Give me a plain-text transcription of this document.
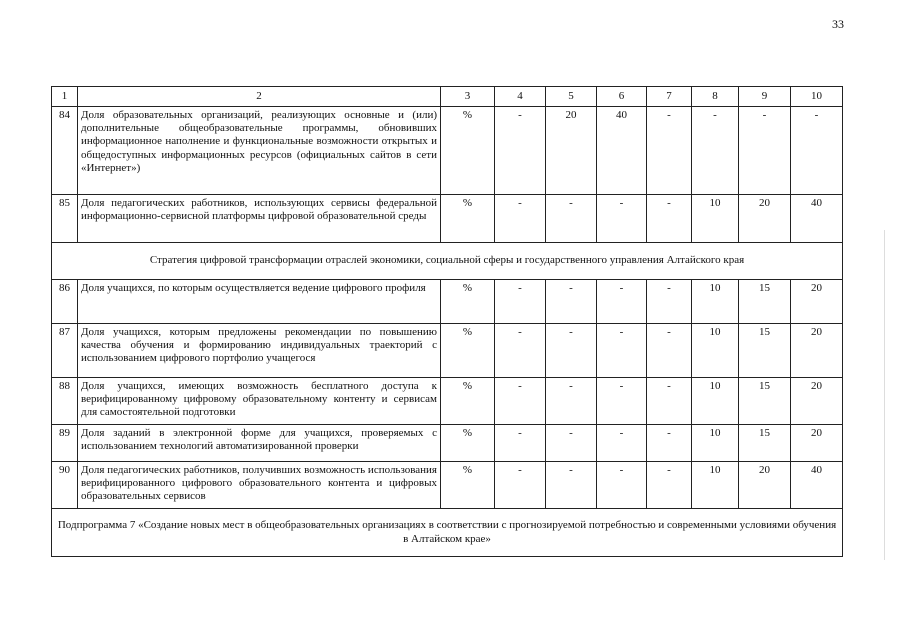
33
1	2	3	4	5	6	7	8	9	10
84	Доля образовательных организаций, реализующих основные и (или) дополнительные общеобразовательные программы, обновивших информационное наполнение и функциональные возможности открытых и общедоступных информационных ресурсов (официальных сайтов в сети «Интернет»)	%	-	20	40	-	-	-	-
85	Доля педагогических работников, использующих сервисы федеральной информационно-сервисной платформы цифровой образовательной среды	%	-	-	-	-	10	20	40
Стратегия цифровой трансформации отраслей экономики, социальной сферы и государственного управления Алтайского края									
86	Доля учащихся, по которым осуществляется ведение цифрового профиля	%	-	-	-	-	10	15	20
87	Доля учащихся, которым предложены рекомендации по повышению качества обучения и формированию индивидуальных траекторий с использованием цифрового портфолио учащегося	%	-	-	-	-	10	15	20
88	Доля учащихся, имеющих возможность бесплатного доступа к верифицированному цифровому образовательному контенту и сервисам для самостоятельной подготовки	%	-	-	-	-	10	15	20
89	Доля заданий в электронной форме для учащихся, проверяемых с использованием технологий автоматизированной проверки	%	-	-	-	-	10	15	20
90	Доля педагогических работников, получивших возможность использования верифицированного цифрового образовательного контента и цифровых образовательных сервисов	%	-	-	-	-	10	20	40
Подпрограмма 7 «Создание новых мест в общеобразовательных организациях в соответствии с прогнозируемой потребностью и современными условиями обучения в Алтайском крае»									
